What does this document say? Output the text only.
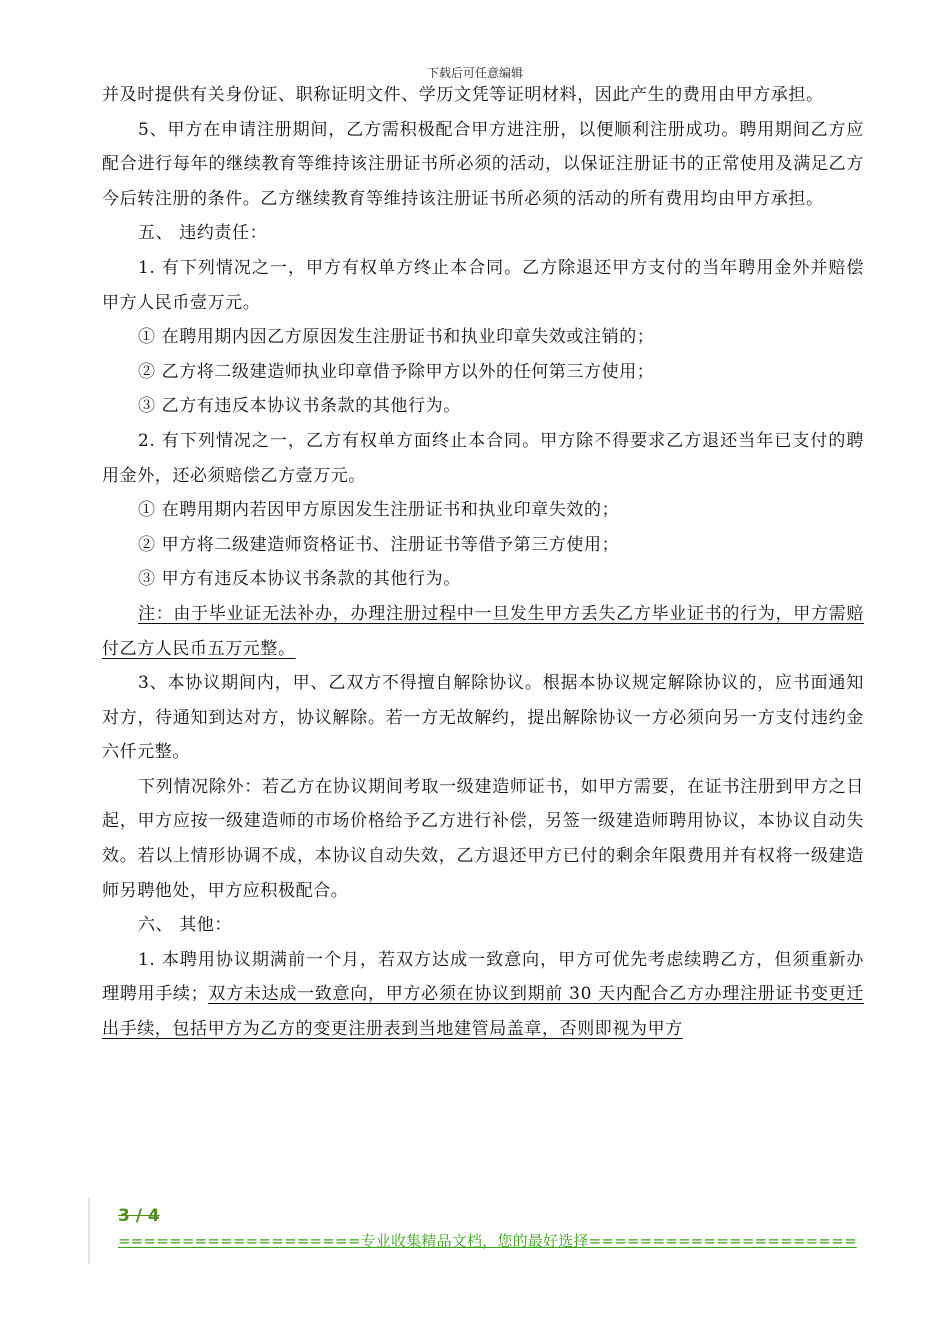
下载后可任意编辑

并及时提供有关身份证、职称证明文件、学历文凭等证明材料，因此产生的费用由甲方承担。

5、甲方在申请注册期间，乙方需积极配合甲方进注册，以便顺利注册成功。聘用期间乙方应配合进行每年的继续教育等维持该注册证书所必须的活动，以保证注册证书的正常使用及满足乙方今后转注册的条件。乙方继续教育等维持该注册证书所必须的活动的所有费用均由甲方承担。

五、 违约责任：

1. 有下列情况之一，甲方有权单方终止本合同。乙方除退还甲方支付的当年聘用金外并赔偿甲方人民币壹万元。

① 在聘用期内因乙方原因发生注册证书和执业印章失效或注销的；

② 乙方将二级建造师执业印章借予除甲方以外的任何第三方使用；

③ 乙方有违反本协议书条款的其他行为。

2. 有下列情况之一，乙方有权单方面终止本合同。甲方除不得要求乙方退还当年已支付的聘用金外，还必须赔偿乙方壹万元。

① 在聘用期内若因甲方原因发生注册证书和执业印章失效的；

② 甲方将二级建造师资格证书、注册证书等借予第三方使用；

③ 甲方有违反本协议书条款的其他行为。

注：由于毕业证无法补办，办理注册过程中一旦发生甲方丢失乙方毕业证书的行为，甲方需赔付乙方人民币五万元整。

3、本协议期间内，甲、乙双方不得擅自解除协议。根据本协议规定解除协议的，应书面通知对方，待通知到达对方，协议解除。若一方无故解约，提出解除协议一方必须向另一方支付违约金六仟元整。

下列情况除外：若乙方在协议期间考取一级建造师证书，如甲方需要，在证书注册到甲方之日起，甲方应按一级建造师的市场价格给予乙方进行补偿，另签一级建造师聘用协议，本协议自动失效。若以上情形协调不成，本协议自动失效，乙方退还甲方已付的剩余年限费用并有权将一级建造师另聘他处，甲方应积极配合。

六、 其他：

1. 本聘用协议期满前一个月，若双方达成一致意向，甲方可优先考虑续聘乙方，但须重新办理聘用手续；双方未达成一致意向，甲方必须在协议到期前 30 天内配合乙方办理注册证书变更迁出手续，包括甲方为乙方的变更注册表到当地建管局盖章，否则即视为甲方

3 / 4
===================专业收集精品文档，您的最好选择=====================
